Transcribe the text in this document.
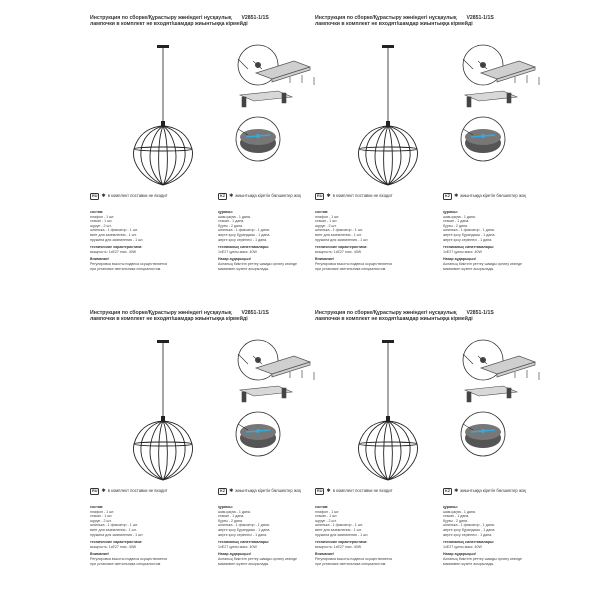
Инструкция по сборке/Құрастыру жөніндегі нұсқаулық V2851-1/1S
лампочки в комплект не входят/шамдар жиынтыққа кірмейді
RU ✱ в комплект поставки не входит	KZ ✱ жиынтыққа кіретін бөлшектер жоқ
состав:
плафон - 1 шт.
стакан - 1 шт.
шуруп - 2 шт.
шпилька - 1 фиксатор - 1 шт.
винт для заземления - 1 шт.
пружина для заземления - 1 шт.
технические характеристики:
мощность: 1xE27 max. 40W
Внимание!
Регулировка высоты подвеса осуществляется
при установке светильника специалистом.
құрамы:
шам-қақпа - 1 дана.
стакан - 1 дана.
бұрғы - 2 дана.
шпилька - 1 фиксатор - 1 дана.
жерге қосу бұрандасы - 1 дана.
жерге қосу серіппесі - 1 дана.
техникалық сипаттамалары:
1xE27 қуаты макс. 40W
Назар аударыңыз!
Аспаның биіктігін реттеу шамды орнату кезінде
маманмен жүзеге асырылады.
Инструкция по сборке/Құрастыру жөніндегі нұсқаулық V2851-1/1S
лампочки в комплект не входят/шамдар жиынтыққа кірмейді
RU ✱ в комплект поставки не входит	KZ ✱ жиынтыққа кіретін бөлшектер жоқ
состав:
плафон - 1 шт.
стакан - 1 шт.
шуруп - 2 шт.
шпилька - 1 фиксатор - 1 шт.
винт для заземления - 1 шт.
пружина для заземления - 1 шт.
технические характеристики:
мощность: 1xE27 max. 40W
Внимание!
Регулировка высоты подвеса осуществляется
при установке светильника специалистом.
құрамы:
шам-қақпа - 1 дана.
стакан - 1 дана.
бұрғы - 2 дана.
шпилька - 1 фиксатор - 1 дана.
жерге қосу бұрандасы - 1 дана.
жерге қосу серіппесі - 1 дана.
техникалық сипаттамалары:
1xE27 қуаты макс. 40W
Назар аударыңыз!
Аспаның биіктігін реттеу шамды орнату кезінде
маманмен жүзеге асырылады.
Инструкция по сборке/Құрастыру жөніндегі нұсқаулық V2851-1/1S
лампочки в комплект не входят/шамдар жиынтыққа кірмейді
RU ✱ в комплект поставки не входит	KZ ✱ жиынтыққа кіретін бөлшектер жоқ
состав:
плафон - 1 шт.
стакан - 1 шт.
шуруп - 2 шт.
шпилька - 1 фиксатор - 1 шт.
винт для заземления - 1 шт.
пружина для заземления - 1 шт.
технические характеристики:
мощность: 1xE27 max. 40W
Внимание!
Регулировка высоты подвеса осуществляется
при установке светильника специалистом.
құрамы:
шам-қақпа - 1 дана.
стакан - 1 дана.
бұрғы - 2 дана.
шпилька - 1 фиксатор - 1 дана.
жерге қосу бұрандасы - 1 дана.
жерге қосу серіппесі - 1 дана.
техникалық сипаттамалары:
1xE27 қуаты макс. 40W
Назар аударыңыз!
Аспаның биіктігін реттеу шамды орнату кезінде
маманмен жүзеге асырылады.
Инструкция по сборке/Құрастыру жөніндегі нұсқаулық V2851-1/1S
лампочки в комплект не входят/шамдар жиынтыққа кірмейді
RU ✱ в комплект поставки не входит	KZ ✱ жиынтыққа кіретін бөлшектер жоқ
состав:
плафон - 1 шт.
стакан - 1 шт.
шуруп - 2 шт.
шпилька - 1 фиксатор - 1 шт.
винт для заземления - 1 шт.
пружина для заземления - 1 шт.
технические характеристики:
мощность: 1xE27 max. 40W
Внимание!
Регулировка высоты подвеса осуществляется
при установке светильника специалистом.
құрамы:
шам-қақпа - 1 дана.
стакан - 1 дана.
бұрғы - 2 дана.
шпилька - 1 фиксатор - 1 дана.
жерге қосу бұрандасы - 1 дана.
жерге қосу серіппесі - 1 дана.
техникалық сипаттамалары:
1xE27 қуаты макс. 40W
Назар аударыңыз!
Аспаның биіктігін реттеу шамды орнату кезінде
маманмен жүзеге асырылады.
